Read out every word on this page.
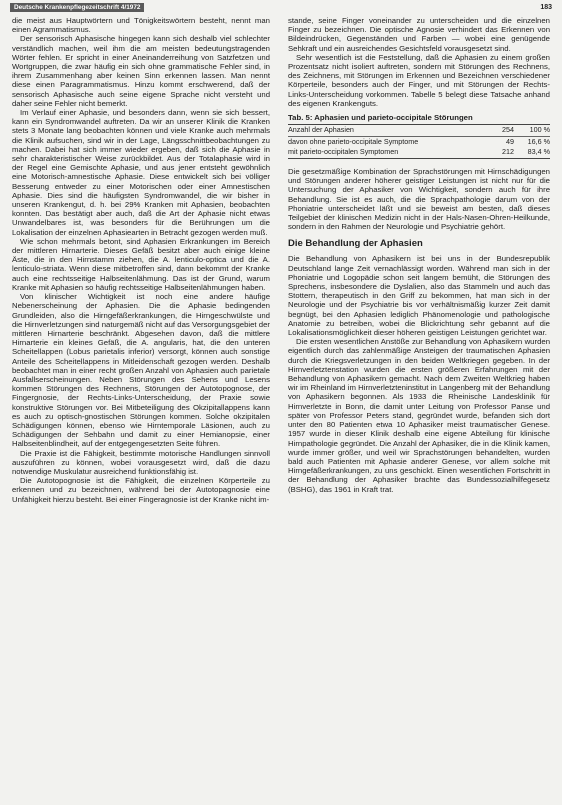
Deutsche Krankenpflegezeitschrift 4/1972	183

die meist aus Hauptwörtern und Tönigkeitswörtern besteht, nennt man einen Agrammatismus.

Der sensorisch Aphasische hingegen kann sich deshalb viel schlechter verständlich machen, weil ihm die am meisten bedeutungstragenden Wörter fehlen. Er spricht in einer Aneinanderreihung von Satzfetzen und Wortgruppen, die zwar häufig ein sich ohne grammatische Fehler sind, in ihrem Zusammenhang aber keinen Sinn erkennen lassen. Man nennt diese einen Paragrammatismus. Hinzu kommt erschwerend, daß der sensorisch Aphasische auch seine eigene Sprache nicht versteht und daher seine Fehler nicht bemerkt.

Im Verlauf einer Aphasie, und besonders dann, wenn sie sich bessert, kann ein Syndromwandel auftreten. Da wir an unserer Klinik die Kranken stets 3 Monate lang beobachten können und viele Kranke auch mehrmals die Klinik aufsuchen, sind wir in der Lage, Längsschnittbeobachtungen zu machen. Dabei hat sich immer wieder ergeben, daß sich die Aphasie in sehr charakteristischer Weise zurückbildet. Aus der Totalaphasie wird in der Regel eine Gemischte Aphasie, und aus jener entsteht gewöhnlich eine Motorisch-amnestische Aphasie. Diese entwickelt sich bei völliger Besserung entweder zu einer Motorischen oder einer Amnestischen Aphasie. Dies sind die häufigsten Syndromwandel, die wir bisher in unseren Krankengut, d. h. bei 29% Kranken mit Aphasien, beobachten konnten. Das bestätigt aber auch, daß die Art der Aphasie nicht etwas Unwandelbares ist, was besonders für die Berührungen um die Lokalisation der einzelnen Aphasiearten in Betracht gezogen werden muß.

Wie schon mehrmals betont, sind Aphasien Erkrankungen im Bereich der mittleren Hirnarterie. Dieses Gefäß besitzt aber auch einige kleine Äste, die in den Hirnstamm ziehen, die A. lenticulo-optica und die A. lenticulo-striata. Wenn diese mitbetroffen sind, dann bekommt der Kranke auch eine rechtsseitige Halbseitenlähmung. Das ist der Grund, warum Kranke mit Aphasien so häufig rechtsseitige Halbseitenlähmungen haben.

Von klinischer Wichtigkeit ist noch eine andere häufige Nebenerscheinung der Aphasien. Die die Aphasie bedingenden Grundleiden, also die Hirngefäßerkrankungen, die Hirngeschwülste und die Hirnverletzungen sind naturgemäß nicht auf das Versorgungsgebiet der mittleren Hirnarterie beschränkt. Abgesehen davon, daß die mittlere Hirnarterie ein kleines Gefäß, die A. angularis, hat, die den unteren Scheitellappen (Lobus parietalis inferior) versorgt, können auch sonstige Anteile des Scheitellappens in Mitleidenschaft gezogen werden. Deshalb beobachtet man in einer recht großen Anzahl von Aphasien auch parietale Ausfallserscheinungen. Neben Störungen des Sehens und Lesens kommen Störungen des Rechnens, Störungen der Autotopognose, der Fingergnosie, der Rechts-Links-Unterscheidung, der Praxie sowie konstruktive Störungen vor. Bei Mitbeteiligung des Okzipitallappens kann es auch zu optisch-gnostischen Störungen kommen. Solche okzipitalen Schädigungen können, ebenso wie Hirntemporale Läsionen, auch zu Schädigungen der Sehbahn und damit zu einer Hemianopsie, einer Halbseitenblindheit, auf der entgegengesetzten Seite führen.

Die Praxie ist die Fähigkeit, bestimmte motorische Handlungen sinnvoll auszuführen zu können, wobei vorausgesetzt wird, daß die dazu notwendige Muskulatur ausreichend funktionsfähig ist.

Die Autotopognosie ist die Fähigkeit, die einzelnen Körperteile zu erkennen und zu bezeichnen, während bei der Autotopagnosie eine Unfähigkeit hierzu besteht. Bei einer Fingeragnosie ist der Kranke nicht im-

stande, seine Finger voneinander zu unterscheiden und die einzelnen Finger zu bezeichnen. Die optische Agnosie verhindert das Erkennen von Bildeindrücken, Gegenständen und Farben — wobei eine genügende Sehkraft und ein ausreichendes Gesichtsfeld vorausgesetzt sind.

Sehr wesentlich ist die Feststellung, daß die Aphasien zu einem großen Prozentsatz nicht isoliert auftreten, sondern mit Störungen des Rechnens, des Zeichnens, mit Störungen im Erkennen und Bezeichnen verschiedener Körperteile, besonders auch der Finger, und mit Störungen der Rechts-Links-Unterscheidung vorkommen. Tabelle 5 belegt diese Tatsache anhand des eigenen Krankenguts.

Tab. 5: Aphasien und parieto-occipitale Störungen
Anzahl der Aphasien	254	100 %
davon ohne parieto-occipitale Symptome	49	16,6 %
mit parieto-occipitalen Symptomen	212	83,4 %

Die gesetzmäßige Kombination der Sprachstörungen mit Hirnschädigungen und Störungen anderer höherer geistiger Leistungen ist nicht nur für die Untersuchung der Aphasiker von Wichtigkeit, sondern auch für ihre Behandlung. Sie ist es auch, die die Sprachpathologie darum von der Phoniatrie unterscheidet läßt und sie beweist am besten, daß dieses Teilgebiet der klinischen Medizin nicht in der Hals-Nasen-Ohren-Heilkunde, sondern in den Rahmen der Neurologie und Psychiatrie gehört.

Die Behandlung der Aphasien

Die Behandlung von Aphasikern ist bei uns in der Bundesrepublik Deutschland lange Zeit vernachlässigt worden. Während man sich in der Phoniatrie und Logopädie schon seit langem bemüht, die Störungen des Sprechens, insbesondere die Dyslalien, also das Stammeln und auch das Stottern, therapeutisch in den Griff zu bekommen, hat man sich in der Neurologie und der Psychiatrie bis vor verhältnismäßig kurzer Zeit damit begnügt, bei den Aphasien lediglich Phänomenologie und pathologische Anatomie zu betreiben, wobei die Blickrichtung sehr gebannt auf die Lokalisationsmöglichkeit dieser höheren geistigen Leistungen gerichtet war.

Die ersten wesentlichen Anstöße zur Behandlung von Aphasikern wurden eigentlich durch das zahlenmäßige Ansteigen der traumatischen Aphasien durch die Kriegsverletzungen in den beiden Weltkriegen gegeben. In der Hirnverletztenstation wurden die ersten größeren Erfahrungen mit der Behandlung von Aphasikern gemacht. Nach dem Zweiten Weltkrieg haben wir im Rheinland im Hirnverletzteninstitut in Langenberg mit der Behandlung von Aphasikern begonnen. Als 1933 die Rheinische Landesklinik für Hirnverletzte in Bonn, die damit unter Leitung von Professor Panse und später von Professor Peters stand, gegründet wurde, befanden sich dort unter den 80 Patienten etwa 10 Aphasiker meist traumatischer Genese. 1957 wurde in dieser Klinik deshalb eine eigene Abteilung für klinische Hirnpathologie gegründet. Die Anzahl der Aphasiker, die in die Klinik kamen, wurde immer größer, und weil wir Sprachstörungen behandelten, wurden bald auch Patienten mit Aphasie anderer Genese, vor allem solche mit Hirngefäßerkrankungen, zu uns geschickt. Einen wesentlichen Fortschritt in der Behandlung der Aphasiker brachte das Bundessozialhilfegesetz (BSHG), das 1961 in Kraft trat.
